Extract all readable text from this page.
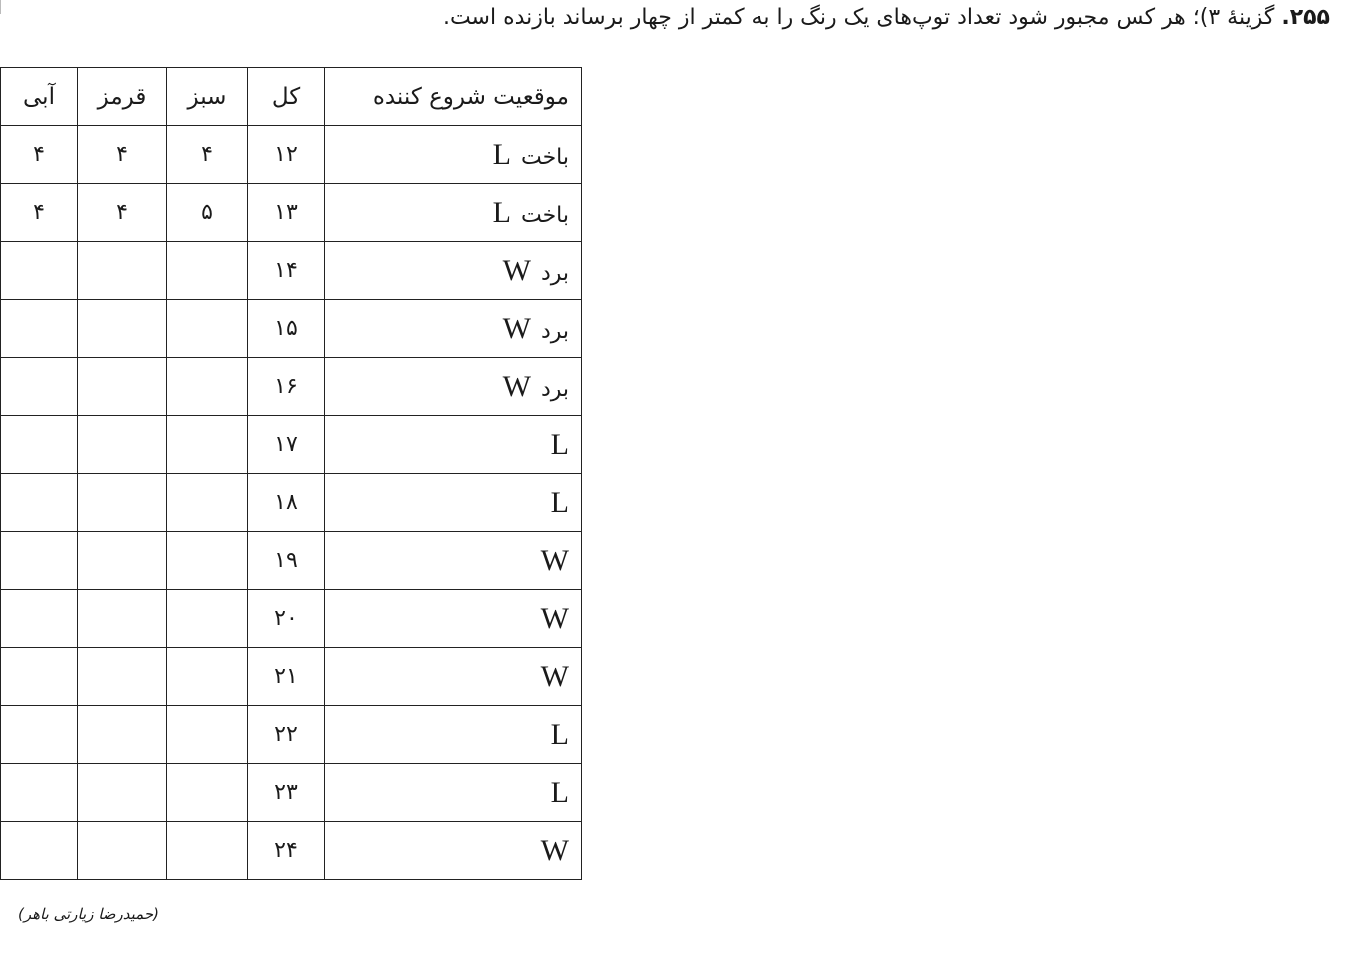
۲۵۵. گزینهٔ ۳)؛ هر کس مجبور شود تعداد توپ‌های یک رنگ را به کمتر از چهار برساند بازنده است.
موقعیت شروع کننده	کل	سبز	قرمز	آبی
باختL	۱۲	۴	۴	۴
باختL	۱۳	۵	۴	۴
بردW	۱۴			
بردW	۱۵			
بردW	۱۶			
L	۱۷			
L	۱۸			
W	۱۹			
W	۲۰			
W	۲۱			
L	۲۲			
L	۲۳			
W	۲۴			
(حمیدرضا زیارتی باهر)
